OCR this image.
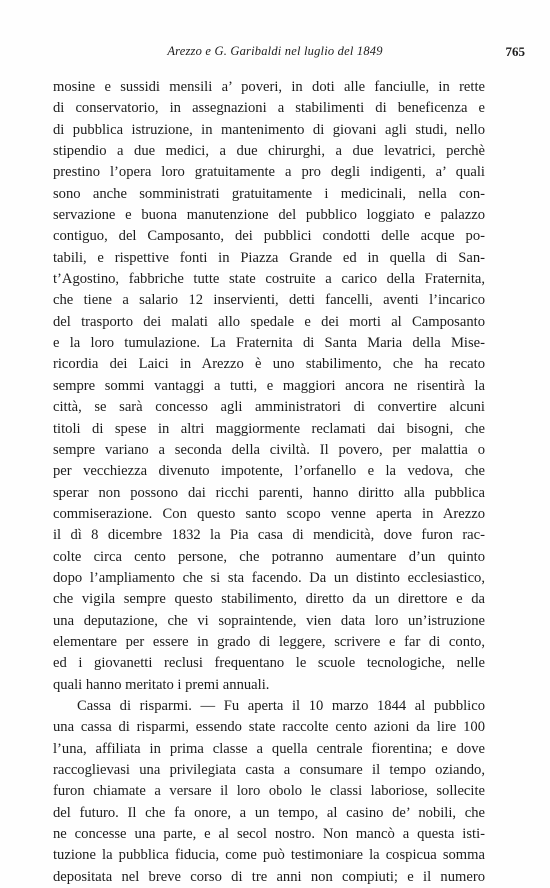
Arezzo e G. Garibaldi nel luglio del 1849	765
mosine e sussidi mensili a’ poveri, in doti alle fanciulle, in rette
di conservatorio, in assegnazioni a stabilimenti di beneficenza e
di pubblica istruzione, in mantenimento di giovani agli studi, nello
stipendio a due medici, a due chirurghi, a due levatrici, perchè
prestino l’opera loro gratuitamente a pro degli indigenti, a’ quali
sono anche somministrati gratuitamente i medicinali, nella con-
servazione e buona manutenzione del pubblico loggiato e palazzo
contiguo, del Camposanto, dei pubblici condotti delle acque po-
tabili, e rispettive fonti in Piazza Grande ed in quella di San-
t’Agostino, fabbriche tutte state costruite a carico della Fraternita,
che tiene a salario 12 inservienti, detti fancelli, aventi l’incarico
del trasporto dei malati allo spedale e dei morti al Camposanto
e la loro tumulazione. La Fraternita di Santa Maria della Mise-
ricordia dei Laici in Arezzo è uno stabilimento, che ha recato
sempre sommi vantaggi a tutti, e maggiori ancora ne risentirà la
città, se sarà concesso agli amministratori di convertire alcuni
titoli di spese in altri maggiormente reclamati dai bisogni, che
sempre variano a seconda della civiltà. Il povero, per malattia o
per vecchiezza divenuto impotente, l’orfanello e la vedova, che
sperar non possono dai ricchi parenti, hanno diritto alla pubblica
commiserazione. Con questo santo scopo venne aperta in Arezzo
il dì 8 dicembre 1832 la Pia casa di mendicità, dove furon rac-
colte circa cento persone, che potranno aumentare d’un quinto
dopo l’ampliamento che si sta facendo. Da un distinto ecclesiastico,
che vigila sempre questo stabilimento, diretto da un direttore e da
una deputazione, che vi sopraintende, vien data loro un’istruzione
elementare per essere in grado di leggere, scrivere e far di conto,
ed i giovanetti reclusi frequentano le scuole tecnologiche, nelle
quali hanno meritato i premi annuali.
Cassa di risparmi. — Fu aperta il 10 marzo 1844 al pubblico
una cassa di risparmi, essendo state raccolte cento azioni da lire 100
l’una, affiliata in prima classe a quella centrale fiorentina; e dove
raccoglievasi una privilegiata casta a consumare il tempo oziando,
furon chiamate a versare il loro obolo le classi laboriose, sollecite
del futuro. Il che fa onore, a un tempo, al casino de’ nobili, che
ne concesse una parte, e al secol nostro. Non mancò a questa isti-
tuzione la pubblica fiducia, come può testimoniare la cospicua somma
depositata nel breve corso di tre anni non compiuti; e il numero
